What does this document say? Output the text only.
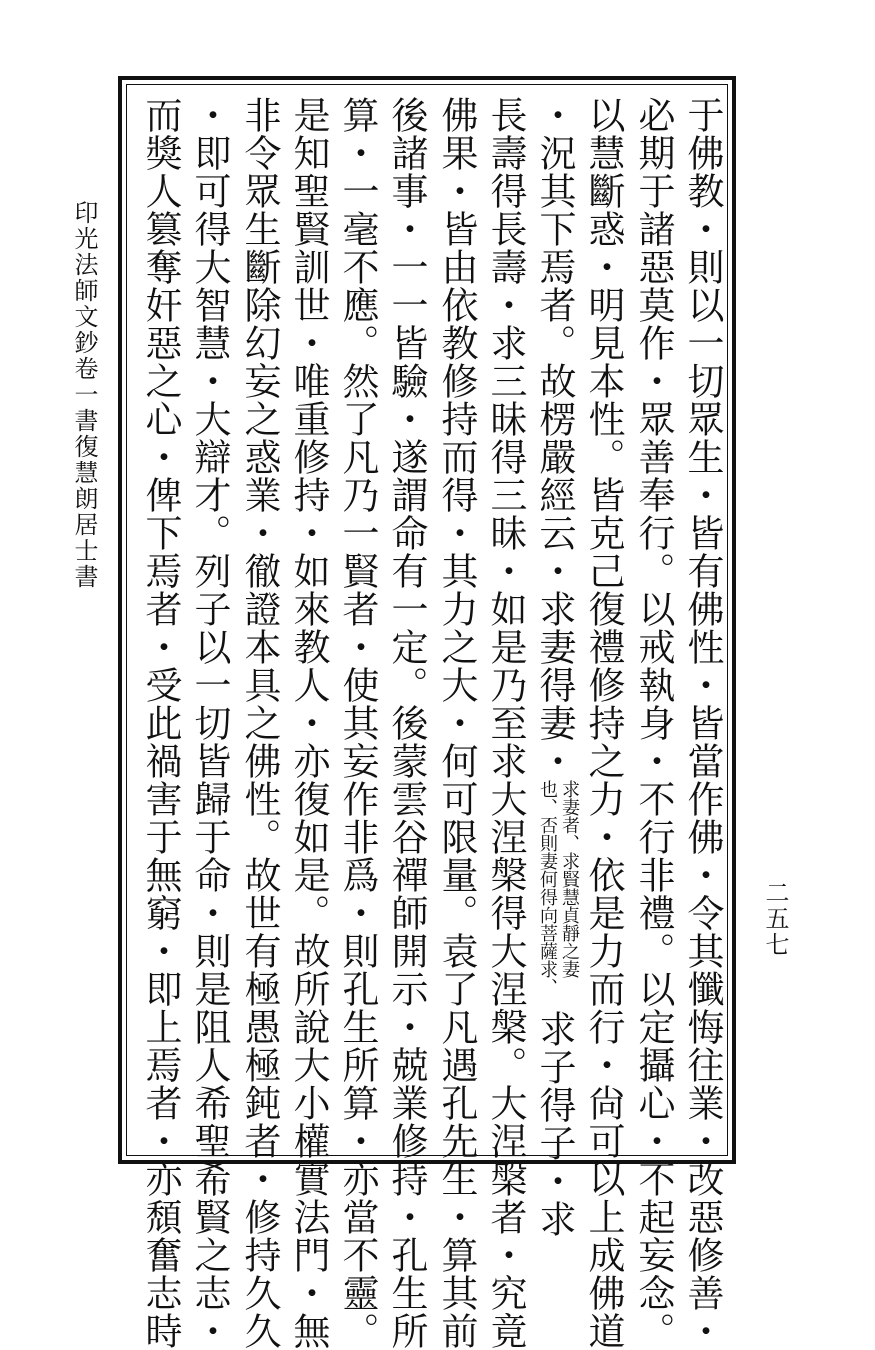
印光法師文鈔卷一書復慧朗居士書
二五七
于佛教・則以一切眾生・皆有佛性・皆當作佛・令其懺悔往業・改惡修善・
必期于諸惡莫作・眾善奉行。以戒執身・不行非禮。以定攝心・不起妄念。
以慧斷惑・明見本性。皆克己復禮修持之力・依是力而行・尙可以上成佛道
・況其下焉者。故楞嚴經云・求妻得妻・求妻者、求賢慧貞靜之妻也、否則妻何得向菩薩求、求子得子・求
長壽得長壽・求三昧得三昧・如是乃至求大涅槃得大涅槃。大涅槃者・究竟
佛果・皆由依教修持而得・其力之大・何可限量。袁了凡遇孔先生・算其前
後諸事・一一皆驗・遂謂命有一定。後蒙雲谷禪師開示・兢業修持・孔生所
算・一毫不應。然了凡乃一賢者・使其妄作非爲・則孔生所算・亦當不靈。
是知聖賢訓世・唯重修持・如來教人・亦復如是。故所說大小權實法門・無
非令眾生斷除幻妄之惑業・徹證本具之佛性。故世有極愚極鈍者・修持久久
・即可得大智慧・大辯才。列子以一切皆歸于命・則是阻人希聖希賢之志・
而獎人篡奪奸惡之心・俾下焉者・受此禍害于無窮・即上焉者・亦頹奮志時
